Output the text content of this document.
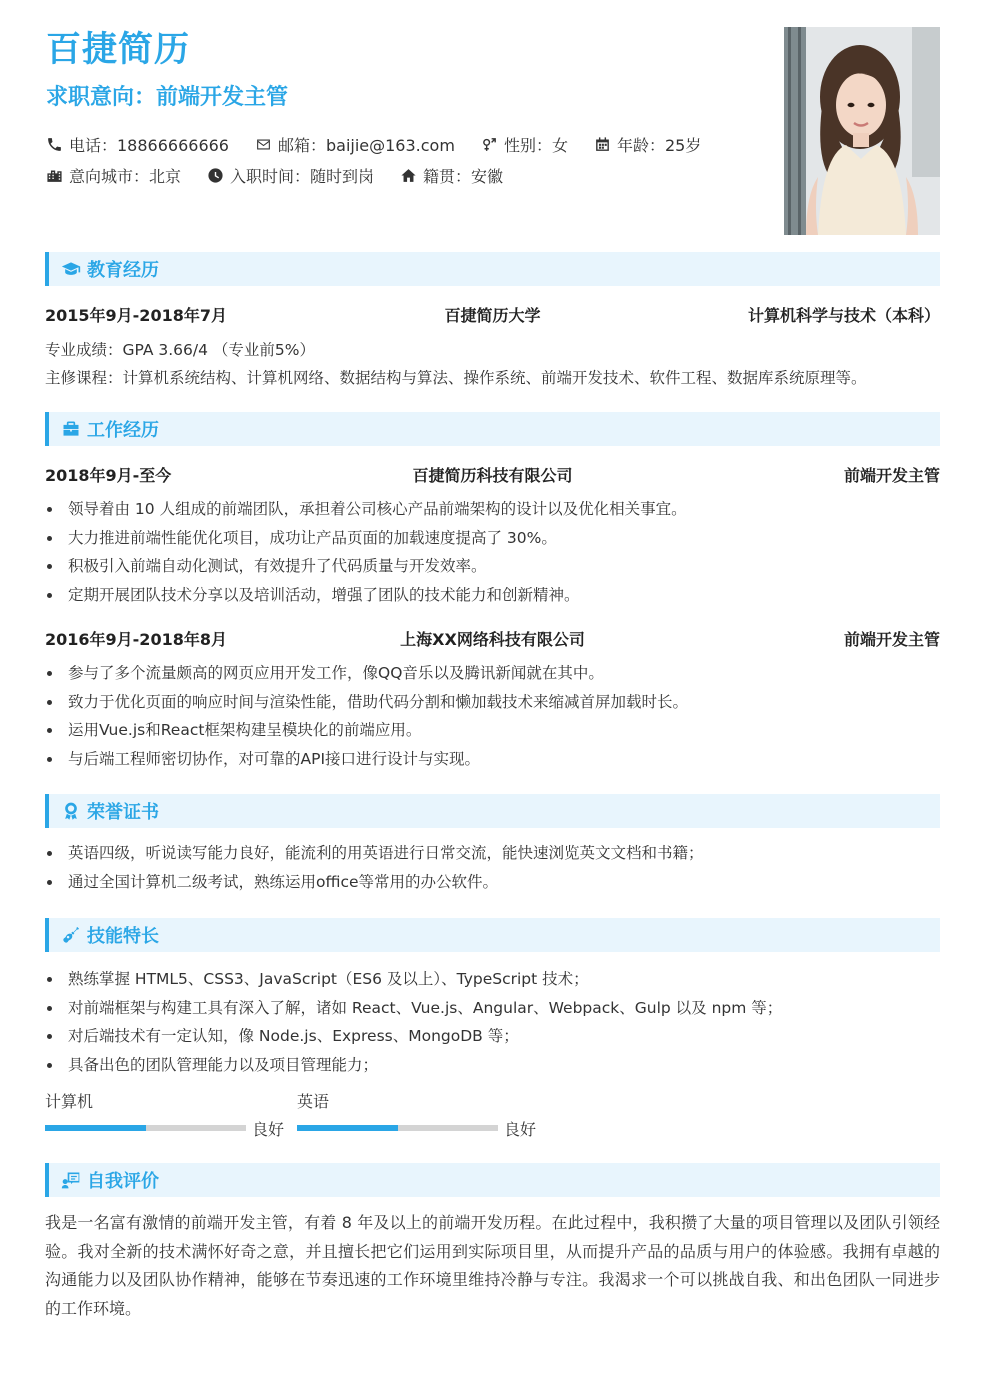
百捷简历
求职意向：前端开发主管
电话：18866666666	邮箱：baijie@163.com	性别：女	年龄：25岁
意向城市：北京	入职时间：随时到岗	籍贯：安徽
教育经历
2015年9月-2018年7月	百捷简历大学	计算机科学与技术（本科）
专业成绩：GPA 3.66/4 （专业前5%）
主修课程：计算机系统结构、计算机网络、数据结构与算法、操作系统、前端开发技术、软件工程、数据库系统原理等。
工作经历
2018年9月-至今	百捷简历科技有限公司	前端开发主管
领导着由 10 人组成的前端团队，承担着公司核心产品前端架构的设计以及优化相关事宜。
大力推进前端性能优化项目，成功让产品页面的加载速度提高了 30%。
积极引入前端自动化测试，有效提升了代码质量与开发效率。
定期开展团队技术分享以及培训活动，增强了团队的技术能力和创新精神。
2016年9月-2018年8月	上海XX网络科技有限公司	前端开发主管
参与了多个流量颇高的网页应用开发工作，像QQ音乐以及腾讯新闻就在其中。
致力于优化页面的响应时间与渲染性能，借助代码分割和懒加载技术来缩减首屏加载时长。
运用Vue.js和React框架构建呈模块化的前端应用。
与后端工程师密切协作，对可靠的API接口进行设计与实现。
荣誉证书
英语四级，听说读写能力良好，能流利的用英语进行日常交流，能快速浏览英文文档和书籍；
通过全国计算机二级考试，熟练运用office等常用的办公软件。
技能特长
熟练掌握 HTML5、CSS3、JavaScript（ES6 及以上）、TypeScript 技术；
对前端框架与构建工具有深入了解，诸如 React、Vue.js、Angular、Webpack、Gulp 以及 npm 等；
对后端技术有一定认知，像 Node.js、Express、MongoDB 等；
具备出色的团队管理能力以及项目管理能力；
计算机
良好
英语
良好
自我评价
我是一名富有激情的前端开发主管，有着 8 年及以上的前端开发历程。在此过程中，我积攒了大量的项目管理以及团队引领经验。我对全新的技术满怀好奇之意，并且擅长把它们运用到实际项目里，从而提升产品的品质与用户的体验感。我拥有卓越的沟通能力以及团队协作精神，能够在节奏迅速的工作环境里维持冷静与专注。我渴求一个可以挑战自我、和出色团队一同进步的工作环境。
